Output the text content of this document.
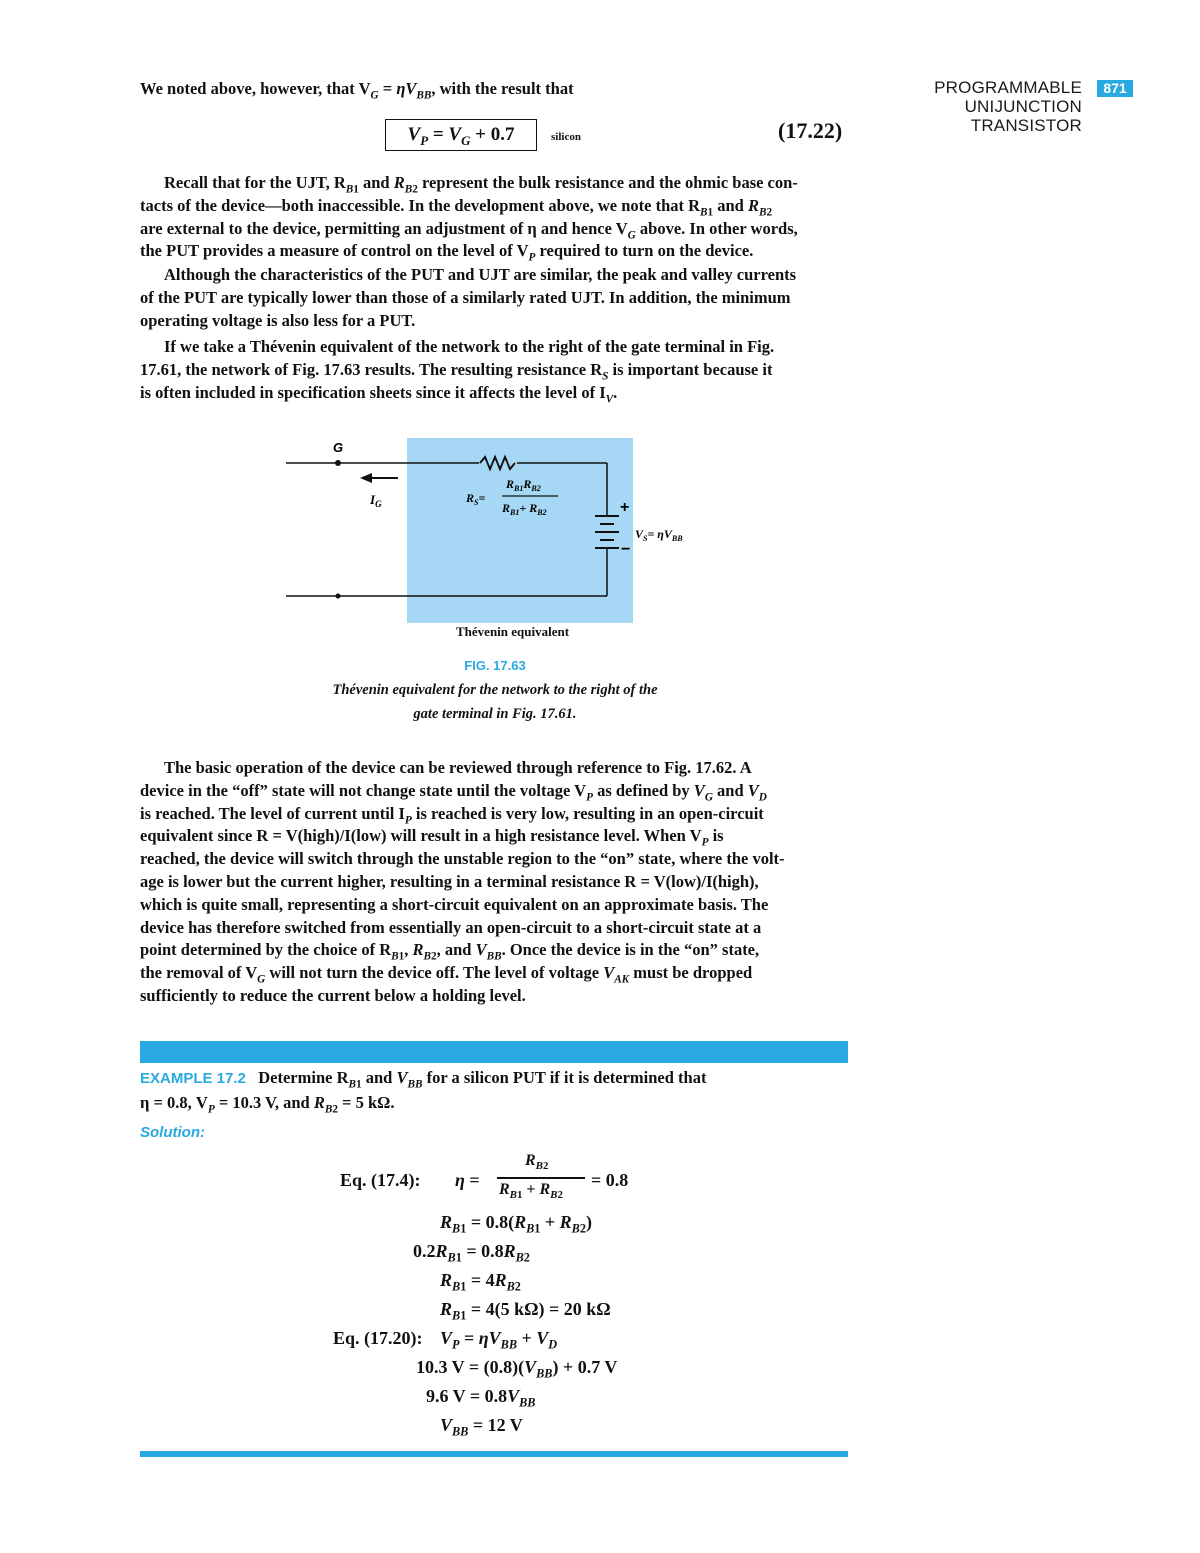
PROGRAMMABLE
UNIJUNCTION
TRANSISTOR
871

We noted above, however, that $V_G = \eta V_{BB}$, with the result that

$V_P = V_G + 0.7$	silicon	(17.22)

Recall that for the UJT, $R_{B1}$ and $R_{B2}$ represent the bulk resistance and the ohmic base con-

tacts of the device—both inaccessible. In the development above, we note that $R_{B1}$ and $R_{B2}$

are external to the device, permitting an adjustment of η and hence $V_G$ above. In other words,

the PUT provides a measure of control on the level of $V_P$ required to turn on the device.

Although the characteristics of the PUT and UJT are similar, the peak and valley currents

of the PUT are typically lower than those of a similarly rated UJT. In addition, the minimum

operating voltage is also less for a PUT.

If we take a Thévenin equivalent of the network to the right of the gate terminal in Fig.

17.61, the network of Fig. 17.63 results. The resulting resistance $R_S$ is important because it

is often included in specification sheets since it affects the level of $I_V$.

+
−
G
$I_G$	$R_S=$
$R_{B1}R_{B2}$
$R_{B1}+ R_{B2}$
$V_S= \eta V_{BB}$
Thévenin equivalent
FIG. 17.63
Thévenin equivalent for the network to the right of the
gate terminal in Fig. 17.61.

The basic operation of the device can be reviewed through reference to Fig. 17.62. A

device in the “off” state will not change state until the voltage $V_P$ as defined by $V_G$ and $V_D$

is reached. The level of current until $I_P$ is reached is very low, resulting in an open-circuit

equivalent since R = V(high)/I(low) will result in a high resistance level. When $V_P$ is

reached, the device will switch through the unstable region to the “on” state, where the volt-

age is lower but the current higher, resulting in a terminal resistance R = V(low)/I(high),

which is quite small, representing a short-circuit equivalent on an approximate basis. The

device has therefore switched from essentially an open-circuit to a short-circuit state at a

point determined by the choice of $R_{B1}$, $R_{B2}$, and $V_{BB}$. Once the device is in the “on” state,

the removal of $V_G$ will not turn the device off. The level of voltage $V_{AK}$ must be dropped

sufficiently to reduce the current below a holding level.

EXAMPLE 17.2 Determine $R_{B1}$ and $V_{BB}$ for a silicon PUT if it is determined that
η = 0.8, $V_P = 10.3$ V, and $R_{B2} = 5$ kΩ.
Solution:
Eq. (17.4): η =
$R_{B2}$
$R_{B1} + R_{B2}$
= 0.8
$R_{B1} = 0.8(R_{B1} + R_{B2})$
$0.2R_{B1} = 0.8R_{B2}$
$R_{B1} = 4R_{B2}$
$R_{B1} = 4(5$ kΩ) = 20 kΩ
Eq. (17.20): $V_P = \eta V_{BB} + V_D$
10.3 $V = (0.8)(V_{BB}) + 0.7$ V
9.6 $V = 0.8V_{BB}$
$V_{BB} = 12$ V
